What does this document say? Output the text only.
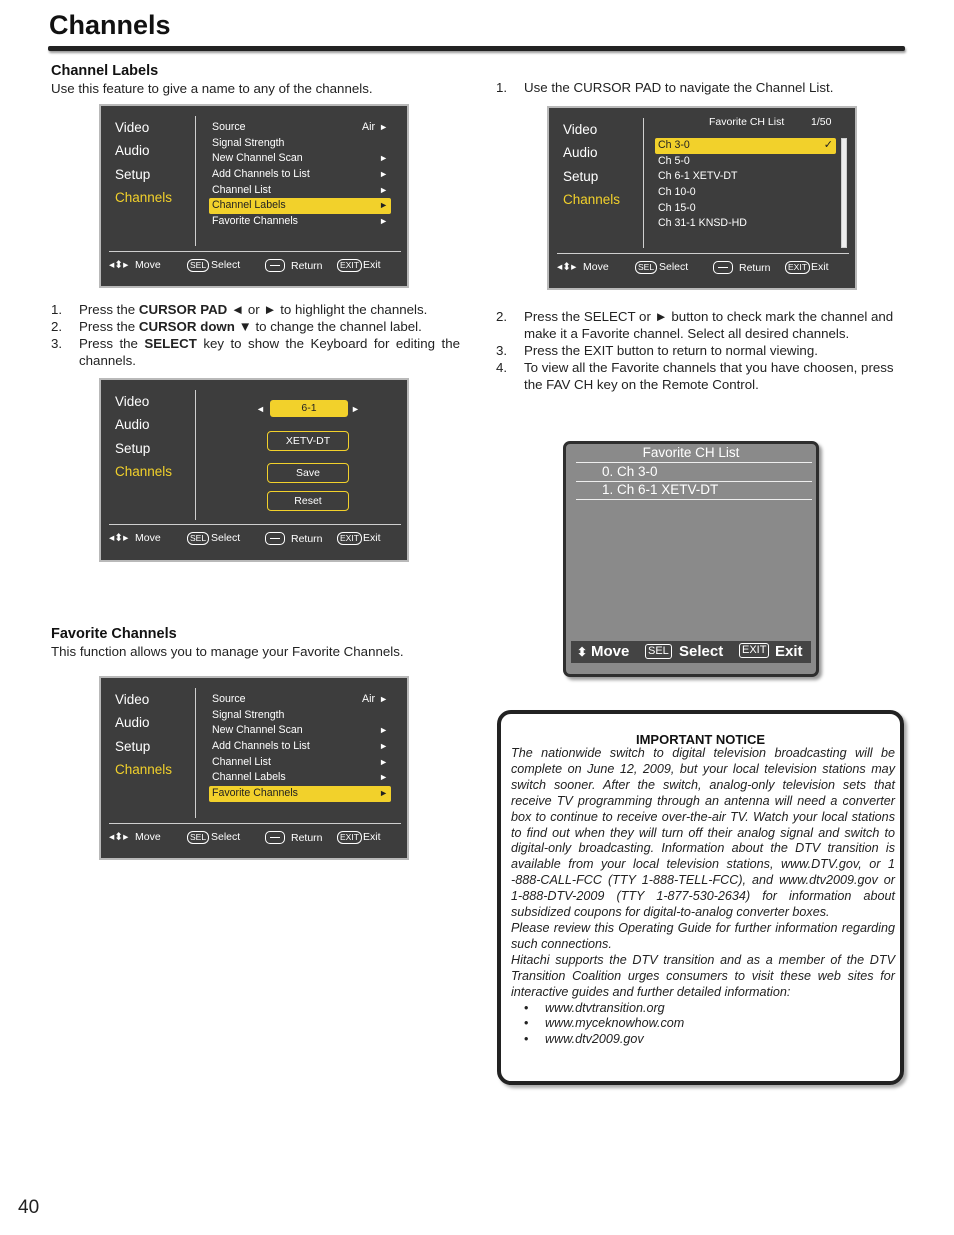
Channels
Channel Labels
Use this feature to give a name to any of the channels.
Video
Audio
Setup
Channels
Source	Air ►
Signal Strength
New Channel Scan	►
Add Channels to List	►
Channel List	►
Channel Labels	►
Favorite Channels	►
◂⬍▸ Move	SEL Select	Return	EXIT Exit
1. Press the CURSOR PAD ◄ or ► to highlight the channels.
2. Press the CURSOR down ▼ to change the channel label.
3. Press the SELECT key to show the Keyboard for editing the channels.
Video
Audio
Setup
Channels
◄	6-1	►
XETV-DT
Save
Reset
◂⬍▸ Move	SEL Select	Return	EXIT Exit
Favorite Channels
This function allows you to manage your Favorite Channels.
Video
Audio
Setup
Channels
Source	Air ►
Signal Strength
New Channel Scan	►
Add Channels to List	►
Channel List	►
Channel Labels	►
Favorite Channels	►
◂⬍▸ Move	SEL Select	Return	EXIT Exit
1. Use the CURSOR PAD to navigate the Channel List.
Video
Audio
Setup
Channels
Favorite CH List	1/50
Ch 3-0	✓
Ch 5-0
Ch 6-1 XETV-DT
Ch 10-0
Ch 15-0
Ch 31-1 KNSD-HD
◂⬍▸ Move	SEL Select	Return	EXIT Exit
2. Press the SELECT or ► button to check mark the channel and make it a Favorite channel. Select all desired channels.
3. Press the EXIT button to return to normal viewing.
4. To view all the Favorite channels that you have choosen, press the FAV CH key on the Remote Control.
Favorite CH List
0. Ch 3-0
1. Ch 6-1 XETV-DT
⬍ Move SEL Select EXIT Exit
IMPORTANT NOTICE

The nationwide switch to digital television broadcasting will be complete on June 12, 2009, but your local television stations may switch sooner. After the switch, analog-only television sets that receive TV programming through an antenna will need a converter box to continue to receive over-the-air TV. Watch your local stations to find out when they will turn off their analog signal and switch to digital-only broadcasting. Information about the DTV transition is available from your local television stations, www.DTV.gov, or 1 -888-CALL-FCC (TTY 1-888-TELL-FCC), and www.dtv2009.gov or 1-888-DTV-2009 (TTY 1-877-530-2634) for information about subsidized coupons for digital-to-analog converter boxes.

Please review this Operating Guide for further information regarding such connections.

Hitachi supports the DTV transition and as a member of the DTV Transition Coalition urges consumers to visit these web sites for interactive guides and further detailed information:

• www.dtvtransition.org
• www.myceknowhow.com
• www.dtv2009.gov
40
